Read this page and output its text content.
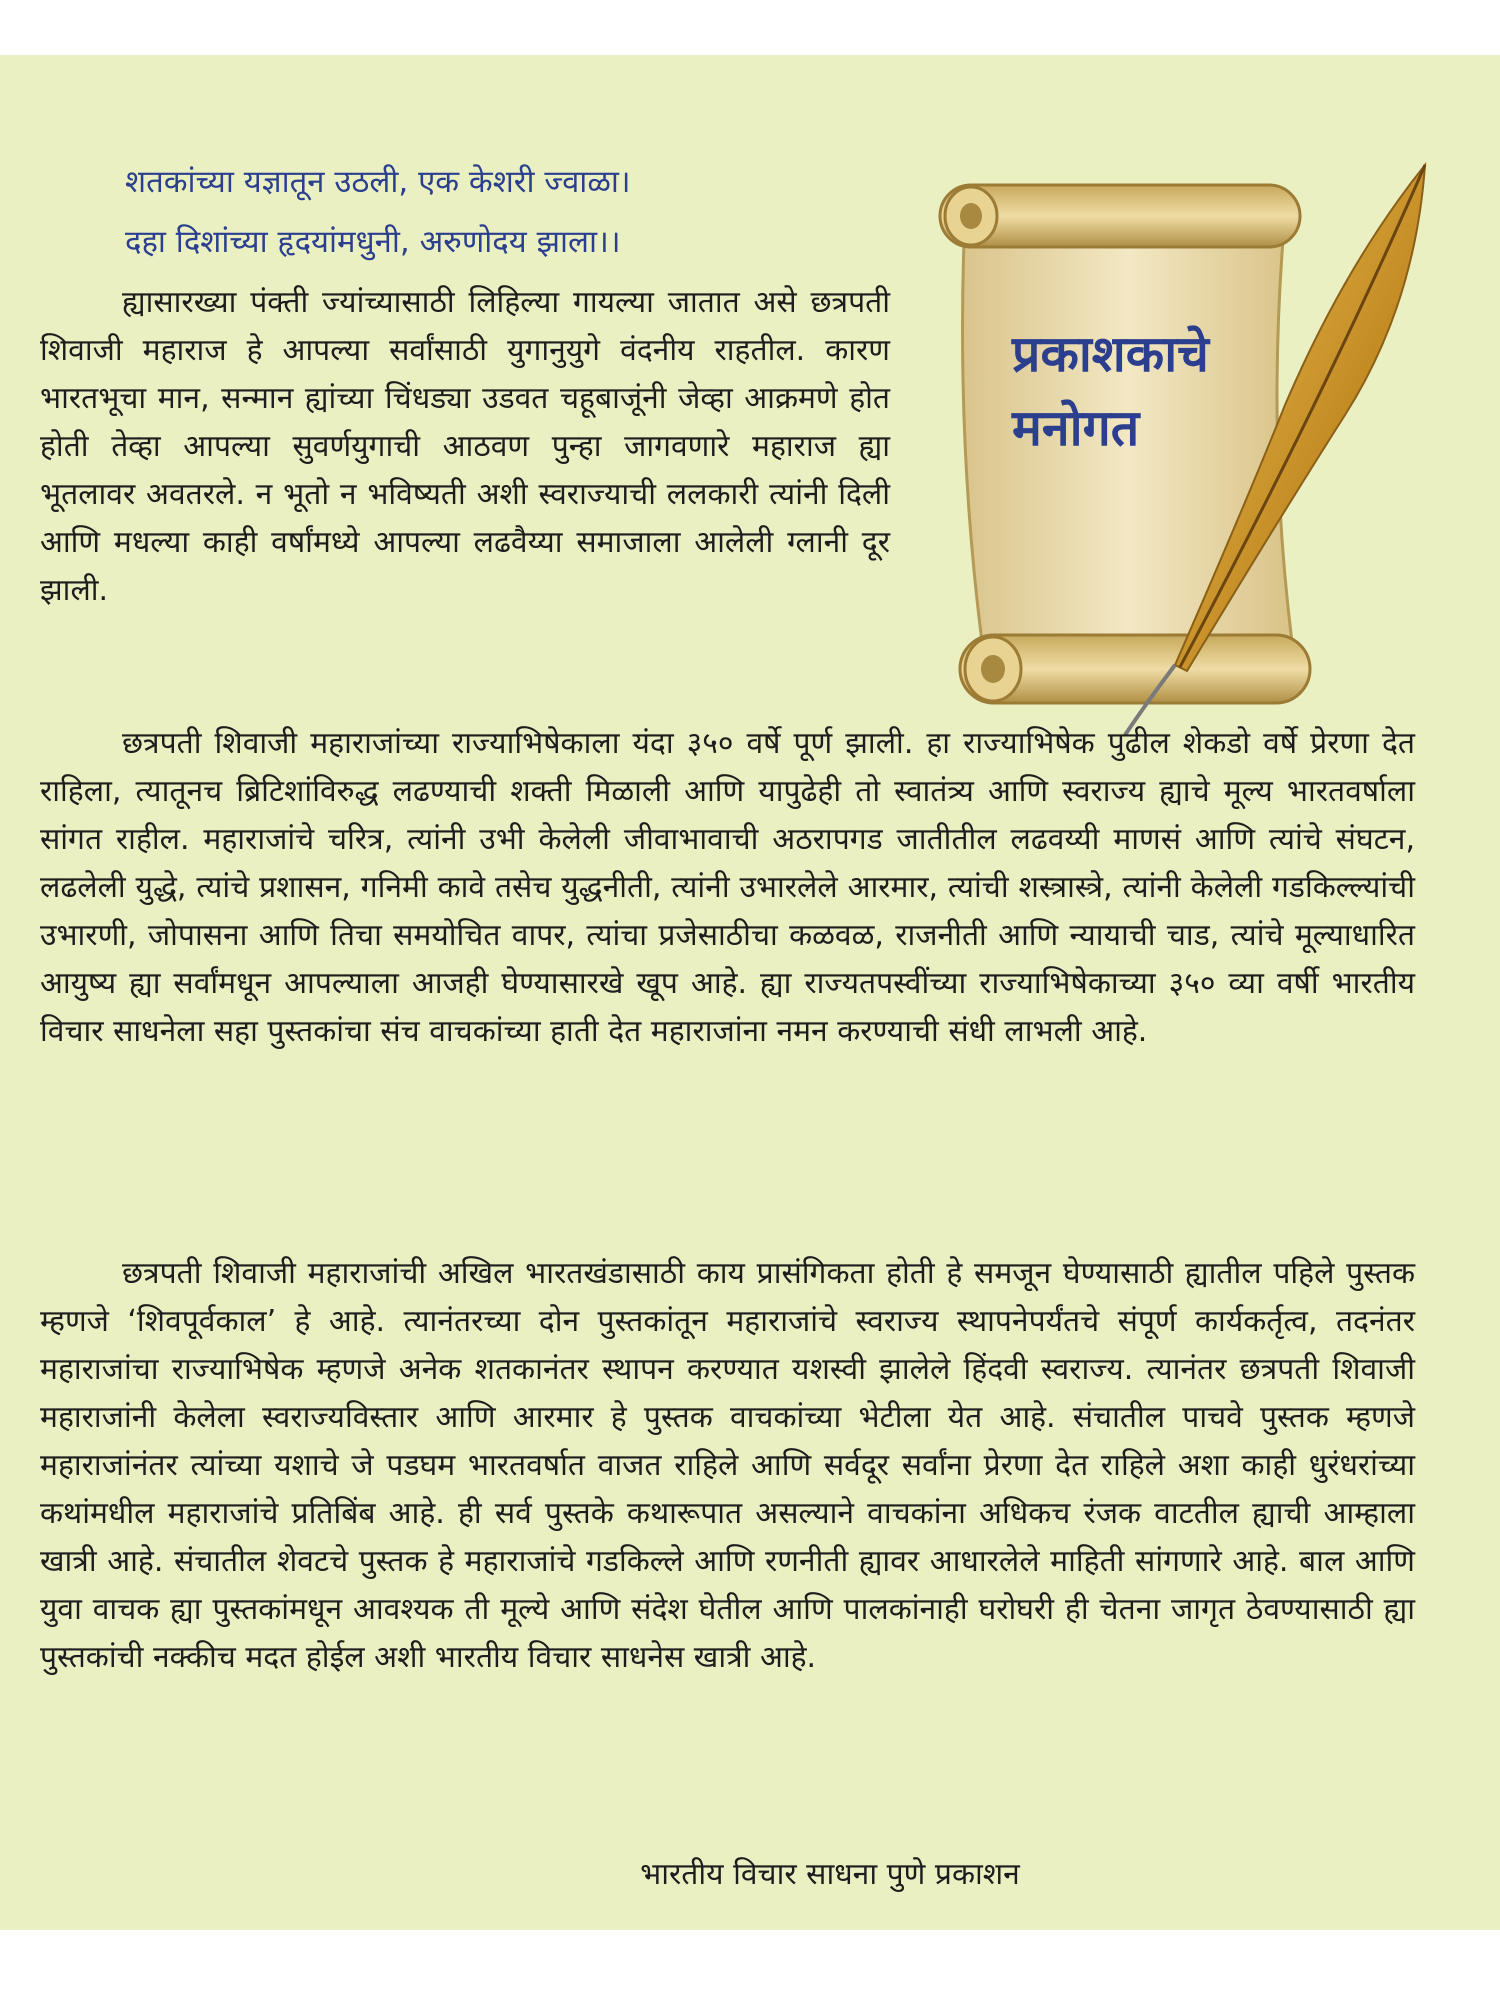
शतकांच्या यज्ञातून उठली, एक केशरी ज्वाळा।
दहा दिशांच्या हृदयांमधुनी, अरुणोदय झाला।।
प्रकाशकाचे
मनोगत

ह्यासारख्या पंक्ती ज्यांच्यासाठी लिहिल्या गायल्या जातात असे छत्रपती शिवाजी महाराज हे आपल्या सर्वांसाठी युगानुयुगे वंदनीय राहतील. कारण भारतभूचा मान, सन्मान ह्यांच्या चिंधड्या उडवत चहूबाजूंनी जेव्हा आक्रमणे होत होती तेव्हा आपल्या सुवर्णयुगाची आठवण पुन्हा जागवणारे महाराज ह्या भूतलावर अवतरले. न भूतो न भविष्यती अशी स्वराज्याची ललकारी त्यांनी दिली आणि मधल्या काही वर्षांमध्ये आपल्या लढवैय्या समाजाला आलेली ग्लानी दूर झाली.

छत्रपती शिवाजी महाराजांच्या राज्याभिषेकाला यंदा ३५० वर्षे पूर्ण झाली. हा राज्याभिषेक पुढील शेकडो वर्षे प्रेरणा देत राहिला, त्यातूनच ब्रिटिशांविरुद्ध लढण्याची शक्ती मिळाली आणि यापुढेही तो स्वातंत्र्य आणि स्वराज्य ह्याचे मूल्य भारतवर्षाला सांगत राहील. महाराजांचे चरित्र, त्यांनी उभी केलेली जीवाभावाची अठरापगड जातीतील लढवय्यी माणसं आणि त्यांचे संघटन, लढलेली युद्धे, त्यांचे प्रशासन, गनिमी कावे तसेच युद्धनीती, त्यांनी उभारलेले आरमार, त्यांची शस्त्रास्त्रे, त्यांनी केलेली गडकिल्ल्यांची उभारणी, जोपासना आणि तिचा समयोचित वापर, त्यांचा प्रजेसाठीचा कळवळ, राजनीती आणि न्यायाची चाड, त्यांचे मूल्याधारित आयुष्य ह्या सर्वांमधून आपल्याला आजही घेण्यासारखे खूप आहे. ह्या राज्यतपस्वींच्या राज्याभिषेकाच्या ३५० व्या वर्षी भारतीय विचार साधनेला सहा पुस्तकांचा संच वाचकांच्या हाती देत महाराजांना नमन करण्याची संधी लाभली आहे.

छत्रपती शिवाजी महाराजांची अखिल भारतखंडासाठी काय प्रासंगिकता होती हे समजून घेण्यासाठी ह्यातील पहिले पुस्तक म्हणजे ‘शिवपूर्वकाल’ हे आहे. त्यानंतरच्या दोन पुस्तकांतून महाराजांचे स्वराज्य स्थापनेपर्यंतचे संपूर्ण कार्यकर्तृत्व, तदनंतर महाराजांचा राज्याभिषेक म्हणजे अनेक शतकानंतर स्थापन करण्यात यशस्वी झालेले हिंदवी स्वराज्य. त्यानंतर छत्रपती शिवाजी महाराजांनी केलेला स्वराज्यविस्तार आणि आरमार हे पुस्तक वाचकांच्या भेटीला येत आहे. संचातील पाचवे पुस्तक म्हणजे महाराजांनंतर त्यांच्या यशाचे जे पडघम भारतवर्षात वाजत राहिले आणि सर्वदूर सर्वांना प्रेरणा देत राहिले अशा काही धुरंधरांच्या कथांमधील महाराजांचे प्रतिबिंब आहे. ही सर्व पुस्तके कथारूपात असल्याने वाचकांना अधिकच रंजक वाटतील ह्याची आम्हाला खात्री आहे. संचातील शेवटचे पुस्तक हे महाराजांचे गडकिल्ले आणि रणनीती ह्यावर आधारलेले माहिती सांगणारे आहे. बाल आणि युवा वाचक ह्या पुस्तकांमधून आवश्यक ती मूल्ये आणि संदेश घेतील आणि पालकांनाही घरोघरी ही चेतना जागृत ठेवण्यासाठी ह्या पुस्तकांची नक्कीच मदत होईल अशी भारतीय विचार साधनेस खात्री आहे.

भारतीय विचार साधना पुणे प्रकाशन
